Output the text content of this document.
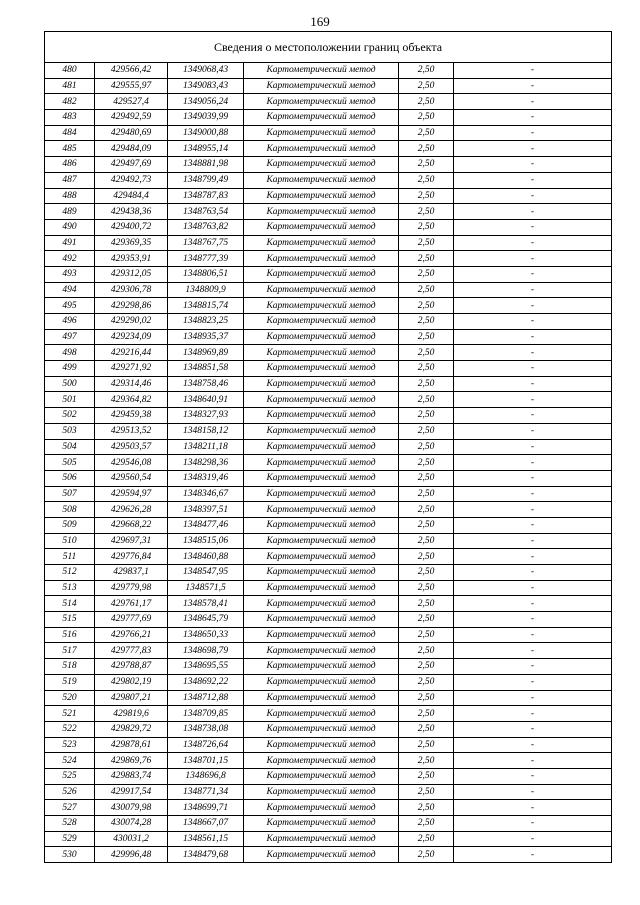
169
Сведения о местоположении границ объекта					
480	429566,42	1349068,43	Картометрический метод	2,50	-
481	429555,97	1349083,43	Картометрический метод	2,50	-
482	429527,4	1349056,24	Картометрический метод	2,50	-
483	429492,59	1349039,99	Картометрический метод	2,50	-
484	429480,69	1349000,88	Картометрический метод	2,50	-
485	429484,09	1348955,14	Картометрический метод	2,50	-
486	429497,69	1348881,98	Картометрический метод	2,50	-
487	429492,73	1348799,49	Картометрический метод	2,50	-
488	429484,4	1348787,83	Картометрический метод	2,50	-
489	429438,36	1348763,54	Картометрический метод	2,50	-
490	429400,72	1348763,82	Картометрический метод	2,50	-
491	429369,35	1348767,75	Картометрический метод	2,50	-
492	429353,91	1348777,39	Картометрический метод	2,50	-
493	429312,05	1348806,51	Картометрический метод	2,50	-
494	429306,78	1348809,9	Картометрический метод	2,50	-
495	429298,86	1348815,74	Картометрический метод	2,50	-
496	429290,02	1348823,25	Картометрический метод	2,50	-
497	429234,09	1348935,37	Картометрический метод	2,50	-
498	429216,44	1348969,89	Картометрический метод	2,50	-
499	429271,92	1348851,58	Картометрический метод	2,50	-
500	429314,46	1348758,46	Картометрический метод	2,50	-
501	429364,82	1348640,91	Картометрический метод	2,50	-
502	429459,38	1348327,93	Картометрический метод	2,50	-
503	429513,52	1348158,12	Картометрический метод	2,50	-
504	429503,57	1348211,18	Картометрический метод	2,50	-
505	429546,08	1348298,36	Картометрический метод	2,50	-
506	429560,54	1348319,46	Картометрический метод	2,50	-
507	429594,97	1348346,67	Картометрический метод	2,50	-
508	429626,28	1348397,51	Картометрический метод	2,50	-
509	429668,22	1348477,46	Картометрический метод	2,50	-
510	429697,31	1348515,06	Картометрический метод	2,50	-
511	429776,84	1348460,88	Картометрический метод	2,50	-
512	429837,1	1348547,95	Картометрический метод	2,50	-
513	429779,98	1348571,5	Картометрический метод	2,50	-
514	429761,17	1348578,41	Картометрический метод	2,50	-
515	429777,69	1348645,79	Картометрический метод	2,50	-
516	429766,21	1348650,33	Картометрический метод	2,50	-
517	429777,83	1348698,79	Картометрический метод	2,50	-
518	429788,87	1348695,55	Картометрический метод	2,50	-
519	429802,19	1348692,22	Картометрический метод	2,50	-
520	429807,21	1348712,88	Картометрический метод	2,50	-
521	429819,6	1348709,85	Картометрический метод	2,50	-
522	429829,72	1348738,08	Картометрический метод	2,50	-
523	429878,61	1348726,64	Картометрический метод	2,50	-
524	429869,76	1348701,15	Картометрический метод	2,50	-
525	429883,74	1348696,8	Картометрический метод	2,50	-
526	429917,54	1348771,34	Картометрический метод	2,50	-
527	430079,98	1348699,71	Картометрический метод	2,50	-
528	430074,28	1348667,07	Картометрический метод	2,50	-
529	430031,2	1348561,15	Картометрический метод	2,50	-
530	429996,48	1348479,68	Картометрический метод	2,50	-
